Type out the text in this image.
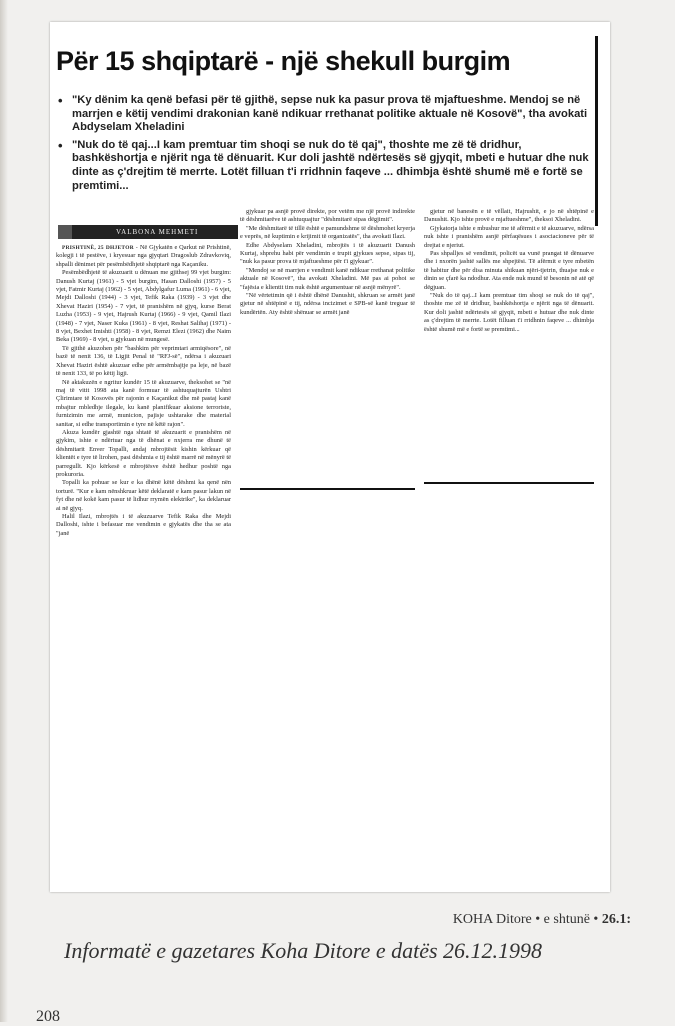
Për 15 shqiptarë - një shekull burgim
• "Ky dënim ka qenë befasi për të gjithë, sepse nuk ka pasur prova të mjaftueshme. Mendoj se në marrjen e këtij vendimi drakonian kanë ndikuar rrethanat politike aktuale në Kosovë", tha avokati Abdyselam Xheladini
• "Nuk do të qaj...I kam premtuar tim shoqi se nuk do të qaj", thoshte me zë të dridhur, bashkëshortja e njërit nga të dënuarit. Kur doli jashtë ndërtesës së gjyqit, mbeti e hutuar dhe nuk dinte as ç'drejtim të merrte. Lotët filluan t'i rridhnin faqeve ... dhimbja është shumë më e fortë se premtimi...
VALBONA MEHMETI

PRISHTINË, 25 DHJETOR - Në Gjykatën e Qarkut në Prishtinë, kolegji i të pestëve, i kryesuar nga gjyqtari Dragoslub Zdravkoviq, shpalli dënimet për pesëmbëdhjetë shqiptarë nga Kaçaniku.

Pesëmbëdhjetë të akuzuarit u dënuan me gjithsej 99 vjet burgim: Danush Kurtaj (1961) - 5 vjet burgim, Hasan Dalloshi (1957) - 5 vjet, Fatmir Kurtaj (1962) - 5 vjet, Abdylgafur Luma (1961) - 6 vjet, Mejdi Dalloshi (1944) - 3 vjet, Tefik Raka (1939) - 3 vjet dhe Xhevat Haziri (1954) - 7 vjet, të pranishëm në gjyq, kurse Berat Luzha (1953) - 9 vjet, Hajrush Kurtaj (1966) - 9 vjet, Qamil Ilazi (1948) - 7 vjet, Naser Kuka (1961) - 8 vjet, Reshat Salihaj (1971) - 8 vjet, Bexhet Imishti (1958) - 8 vjet, Remzi Elezi (1962) dhe Naim Beka (1969) - 8 vjet, u gjykuan në mungesë.

Të gjithë akuzohen për "bashkim për veprimtari armiqësore", në bazë të nenit 136, të Ligjit Penal të "RFJ-së", ndërsa i akuzuari Xhevat Haziri është akuzuar edhe për armëmbajtje pa leje, në bazë të nenit 133, të po këtij ligji.

Në aktakuzën e ngritur kundër 15 të akuzuarve, theksohet se "në maj të vitit 1998 ata kanë formuar të ashtuquajturën Ushtri Çlirimtare të Kosovës për rajonin e Kaçanikut dhe më pastaj kanë mbajtur mbledhje ilegale, ku kanë planifikuar aksione terroriste, furnizimin me armë, municion, pajisje ushtarake dhe material sanitar, si edhe transportimin e tyre në këtë rajon".

Akuza kundër gjashtë nga shtatë të akuzuarit e pranishëm në gjykim, ishte e ndërtuar nga të dhënat e nxjerra me dhunë të dëshmitarit Enver Topalli, andaj mbrojtësit kishin kërkuar që klientët e tyre të lirohen, pasi dëshmia e tij është marrë në mënyrë të parregullt. Kjo kërkesë e mbrojtësve është hedhur poshtë nga prokuroria.

Topalli ka pohuar se kur e ka dhënë këtë dëshmi ka qenë nën torturë. "Kur e kam nënshkruar këtë deklaratë e kam pasur lakun në fyt dhe në kokë kam pasur të lidhur rrymën elektrike", ka deklaruar ai në gjyq.

Halil Ilazi, mbrojtës i të akuzuarve Tefik Raka dhe Mejdi Dalloshi, ishte i befasuar me vendimin e gjykatës dhe tha se ata "janë

gjykuar pa asnjë provë direkte, por vetëm me një provë indirekte të dëshmitarëve të ashtuquajtur "dëshmitarë sipas dëgjimit".

"Me dëshmitarë të tillë është e pamundshme të dëshmohet kryerja e veprës, në kuptimin e krijimit të organizatës", tha avokati Ilazi.

Edhe Abdyselam Xheladini, mbrojtës i të akuzuarit Danush Kurtaj, shprehu habi për vendimin e trupit gjykues sepse, sipas tij, "nuk ka pasur prova të mjaftueshme për t'i gjykuar".

"Mendoj se në marrjen e vendimit kanë ndikuar rrethanat politike aktuale në Kosovë", tha avokati Xheladini. Më pas ai pohoi se "fajësia e klientit tim nuk është argumentuar në asnjë mënyrë".

"Në vërtetimin që i është dhënë Danushit, shkruan se armët janë gjetur në shtëpinë e tij, ndërsa incizimet e SPB-së kanë treguar të kundërtën. Aty është shënuar se armët janë

gjetur në banesën e të vëllait, Hajrushit, e jo në shtëpinë e Danushit. Kjo ishte provë e mjaftueshme", theksoi Xheladini.

Gjykatorja ishte e mbushur me të afërmit e të akuzuarve, ndërsa nuk ishte i pranishëm asnjë përfaqësues i asociacioneve për të drejtat e njeriut.

Pas shpalljes së vendimit, policët ua vunë prangat të dënuarve dhe i nxorën jashtë sallës me shpejtësi. Të afërmit e tyre mbetën të habitur dhe për disa minuta shikuan njëri-tjetrin, thuajse nuk e dinin se çfarë ka ndodhur. Ata ende nuk mund të besonin në atë që dëgjuan.

"Nuk do të qaj...I kam premtuar tim shoqi se nuk do të qaj", thoshte me zë të dridhur, bashkëshortja e njërit nga të dënuarit. Kur doli jashtë ndërtesës së gjyqit, mbeti e hutuar dhe nuk dinte as ç'drejtim të merrte. Lotët filluan t'i rridhnin faqeve ... dhimbja është shumë më e fortë se premtimi...

KOHA Ditore • e shtunë • 26.1:
Informatë e gazetares Koha Ditore e datës 26.12.1998
208
